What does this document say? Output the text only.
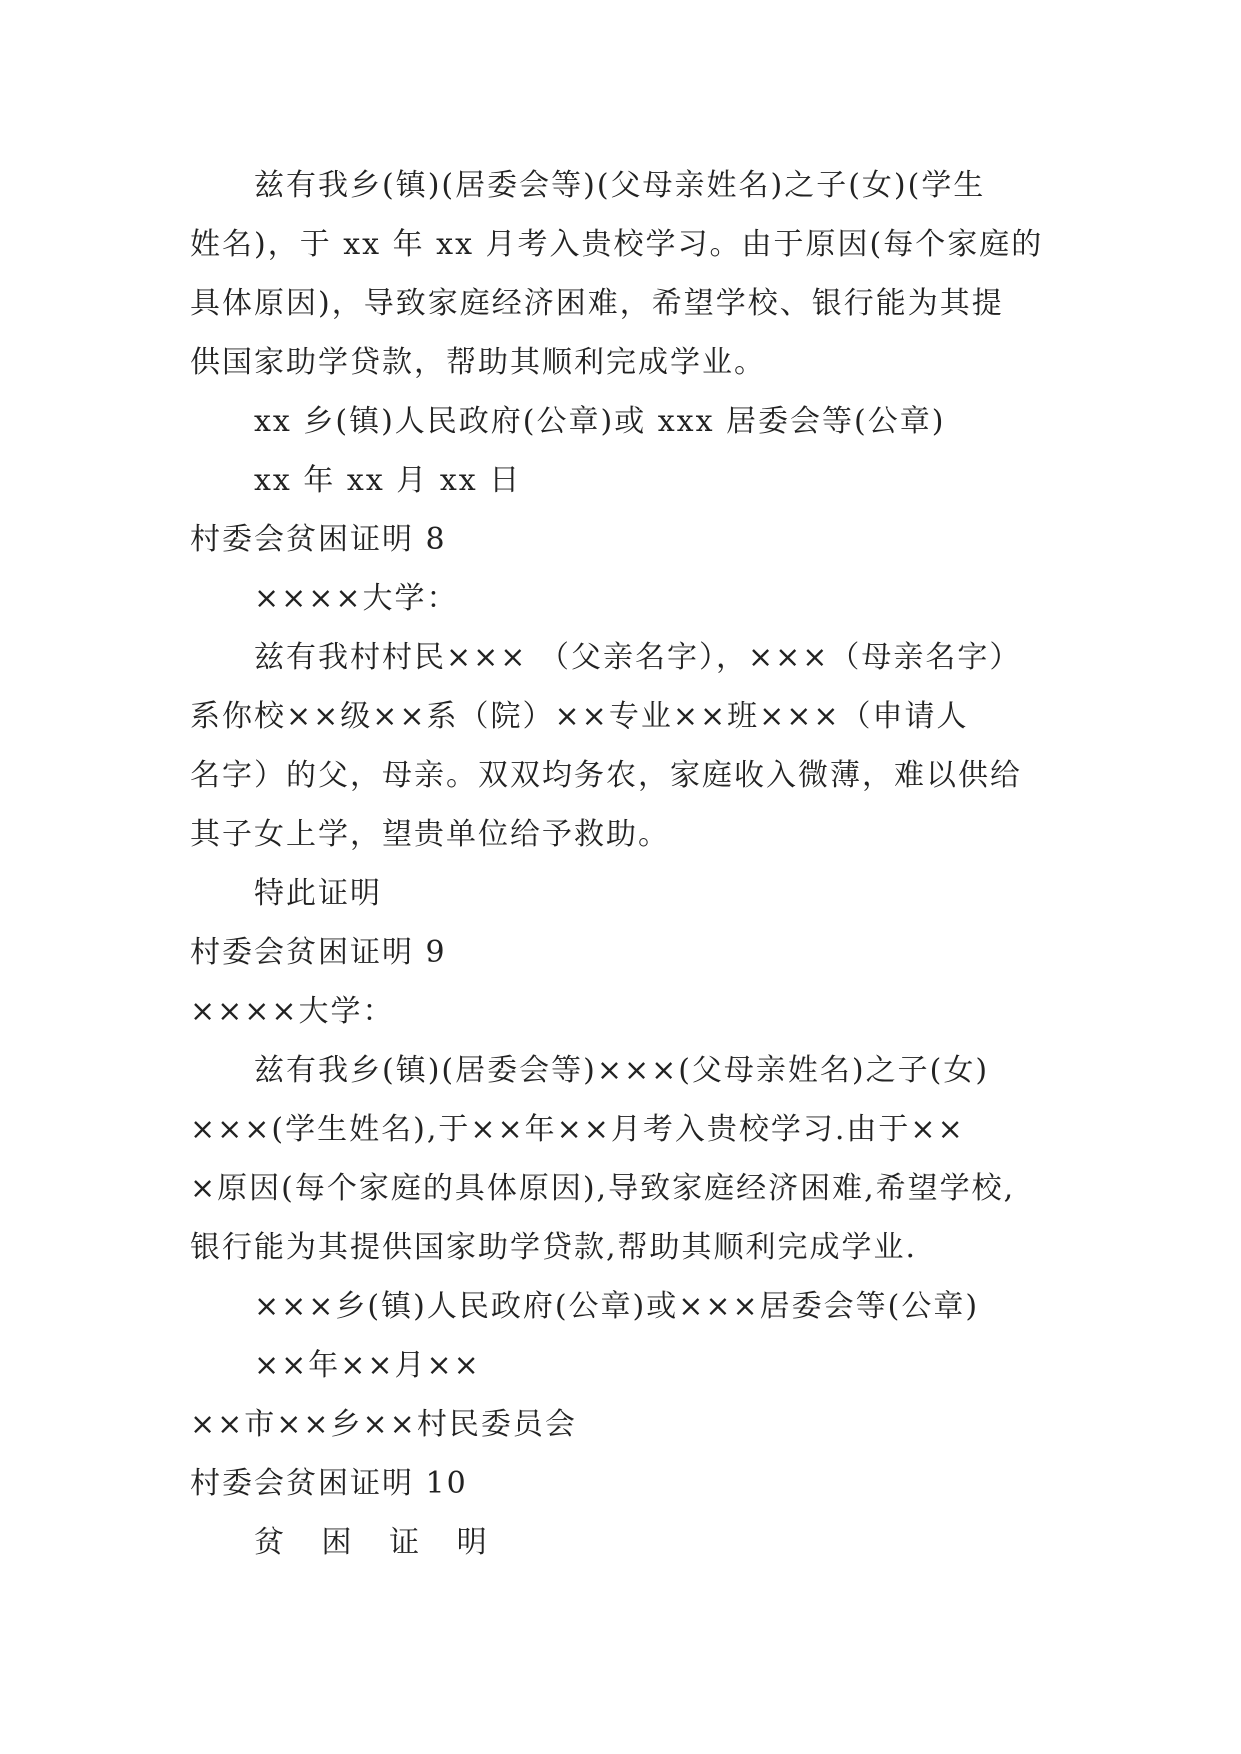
兹有我乡(镇)(居委会等)(父母亲姓名)之子(女)(学生

姓名)，于 xx 年 xx 月考入贵校学习。由于原因(每个家庭的

具体原因)，导致家庭经济困难，希望学校、银行能为其提

供国家助学贷款，帮助其顺利完成学业。

xx 乡(镇)人民政府(公章)或 xxx 居委会等(公章)

xx 年 xx 月 xx 日

村委会贫困证明 8

××××大学：

兹有我村村民××× （父亲名字），×××（母亲名字）

系你校××级××系（院）××专业××班×××（申请人

名字）的父，母亲。双双均务农，家庭收入微薄，难以供给

其子女上学，望贵单位给予救助。

特此证明

村委会贫困证明 9

××××大学：

兹有我乡(镇)(居委会等)×××(父母亲姓名)之子(女)

×××(学生姓名),于××年××月考入贵校学习.由于××

×原因(每个家庭的具体原因),导致家庭经济困难,希望学校,

银行能为其提供国家助学贷款,帮助其顺利完成学业.

×××乡(镇)人民政府(公章)或×××居委会等(公章)

××年××月××

××市××乡××村民委员会

村委会贫困证明 10

贫 困 证 明
